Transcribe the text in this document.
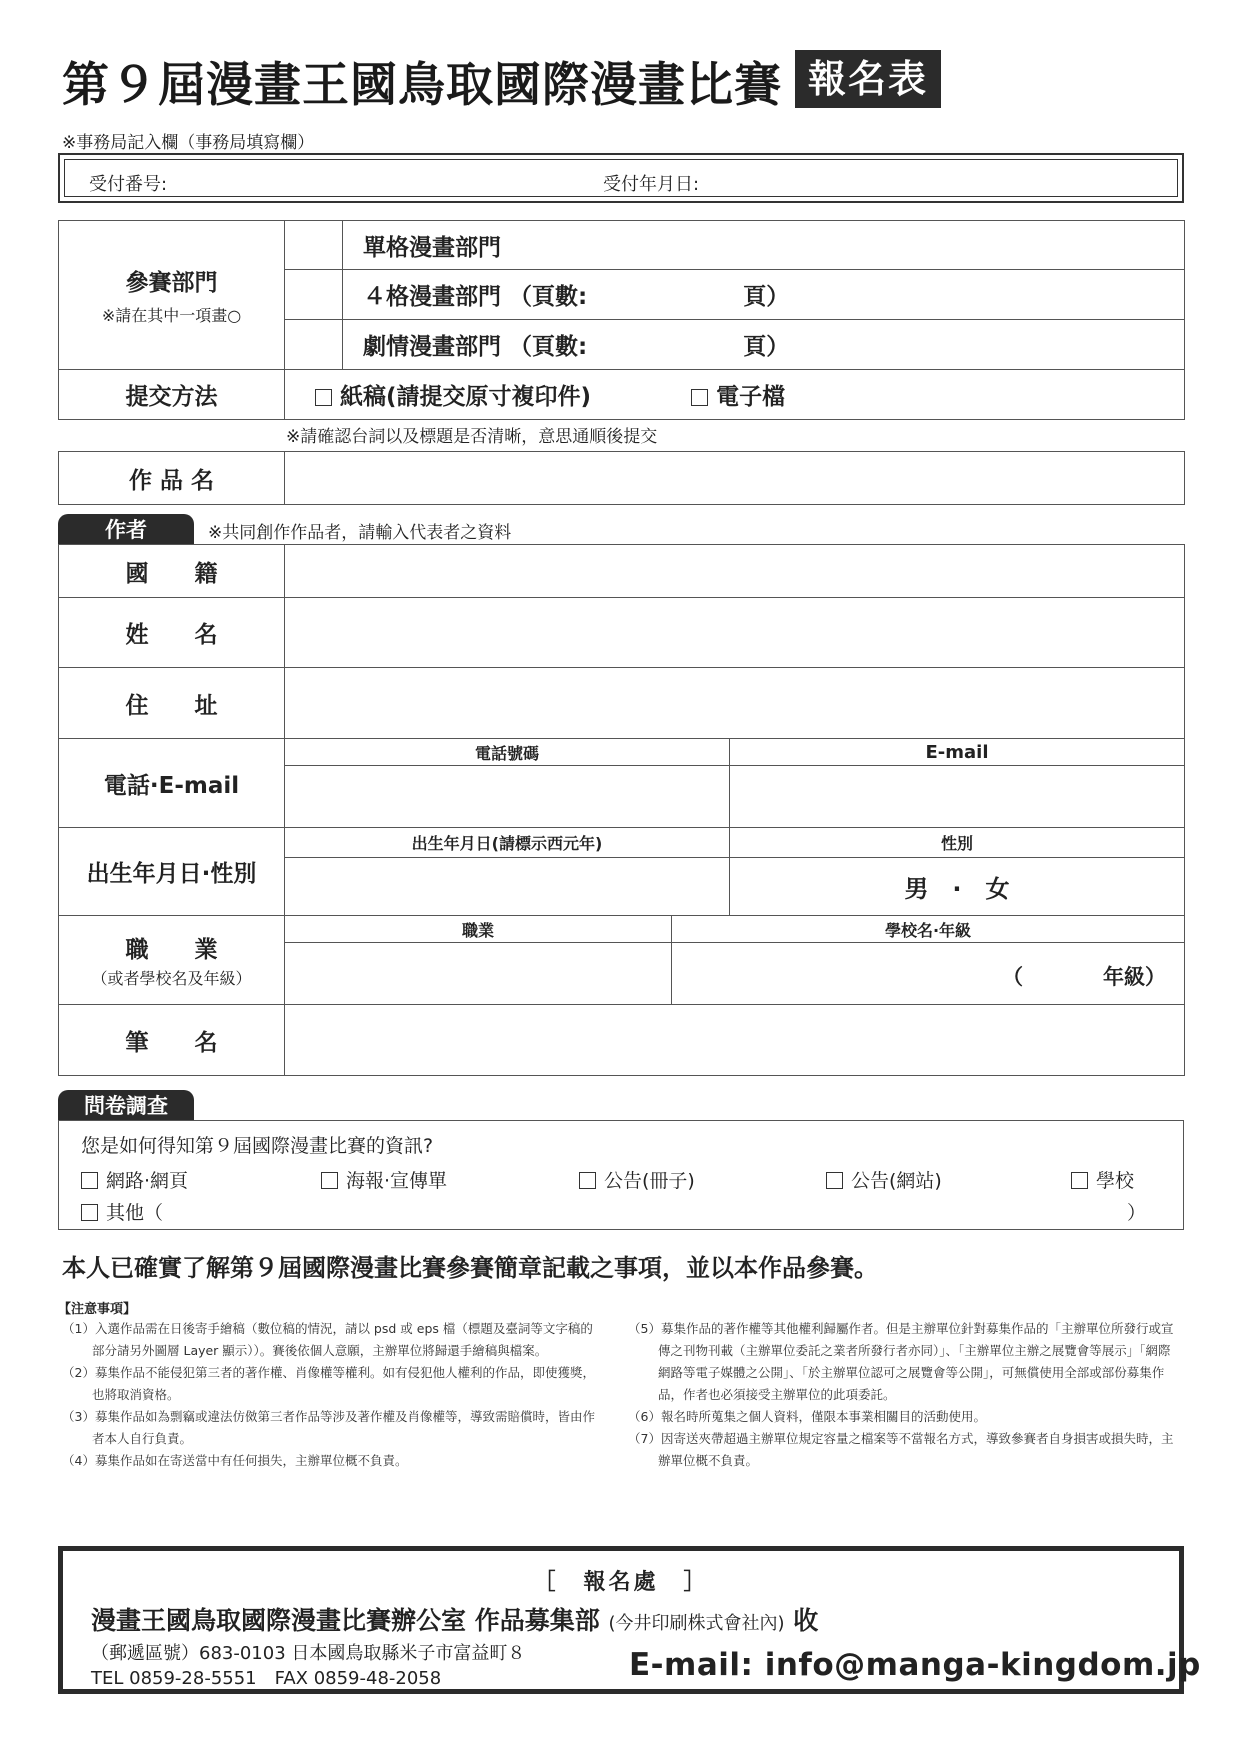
第９屆漫畫王國鳥取國際漫畫比賽 報名表
※事務局記入欄（事務局填寫欄）
受付番号:	受付年月日:
參賽部門
※請在其中一項畫○		單格漫畫部門
		４格漫畫部門 （頁數: 頁）
		劇情漫畫部門 （頁數: 頁）
提交方法	紙稿(請提交原寸複印件) 電子檔	
※請確認台詞以及標題是否清晰，意思通順後提交
作 品 名	
作者	※共同創作作品者，請輸入代表者之資料
國　　籍			
姓　　名			
住　　址			
電話·E-mail	電話號碼		E-mail

出生年月日·性別	出生年月日(請標示西元年)		性別
			男　·　女
職　　業
（或者學校名及年級）	職業	學校名·年級	

		（ 年級）	

筆　　名			
問卷調查
您是如何得知第９屆國際漫畫比賽的資訊?
網路·網頁	海報·宣傳單	公告(冊子)	公告(網站)	學校
其他（	）
本人已確實了解第９屆國際漫畫比賽參賽簡章記載之事項，並以本作品參賽。
【注意事項】

（1）入選作品需在日後寄手繪稿（數位稿的情況，請以 psd 或 eps 檔（標題及臺詞等文字稿的部分請另外圖層 Layer 顯示））。賽後依個人意願，主辦單位將歸還手繪稿與檔案。

（2）募集作品不能侵犯第三者的著作權、肖像權等權利。如有侵犯他人權利的作品，即使獲獎，也將取消資格。

（3）募集作品如為剽竊或違法仿傚第三者作品等涉及著作權及肖像權等，導致需賠償時，皆由作者本人自行負責。

（4）募集作品如在寄送當中有任何損失，主辦單位概不負責。

（5）募集作品的著作權等其他權利歸屬作者。但是主辦單位針對募集作品的「主辦單位所發行或宣傳之刊物刊載（主辦單位委託之業者所發行者亦同）」、「主辦單位主辦之展覽會等展示」「網際網路等電子媒體之公開」、「於主辦單位認可之展覽會等公開」，可無償使用全部或部份募集作品，作者也必須接受主辦單位的此項委託。

（6）報名時所蒐集之個人資料，僅限本事業相關目的活動使用。

（7）因寄送夾帶超過主辦單位規定容量之檔案等不當報名方式，導致參賽者自身損害或損失時，主辦單位概不負責。

［　報名處　］
漫畫王國鳥取國際漫畫比賽辦公室 作品募集部 (今井印刷株式會社內) 收
（郵遞區號）683-0103 日本國鳥取縣米子市富益町８
TEL 0859-28-5551　FAX 0859-48-2058	E-mail: info@manga-kingdom.jp
